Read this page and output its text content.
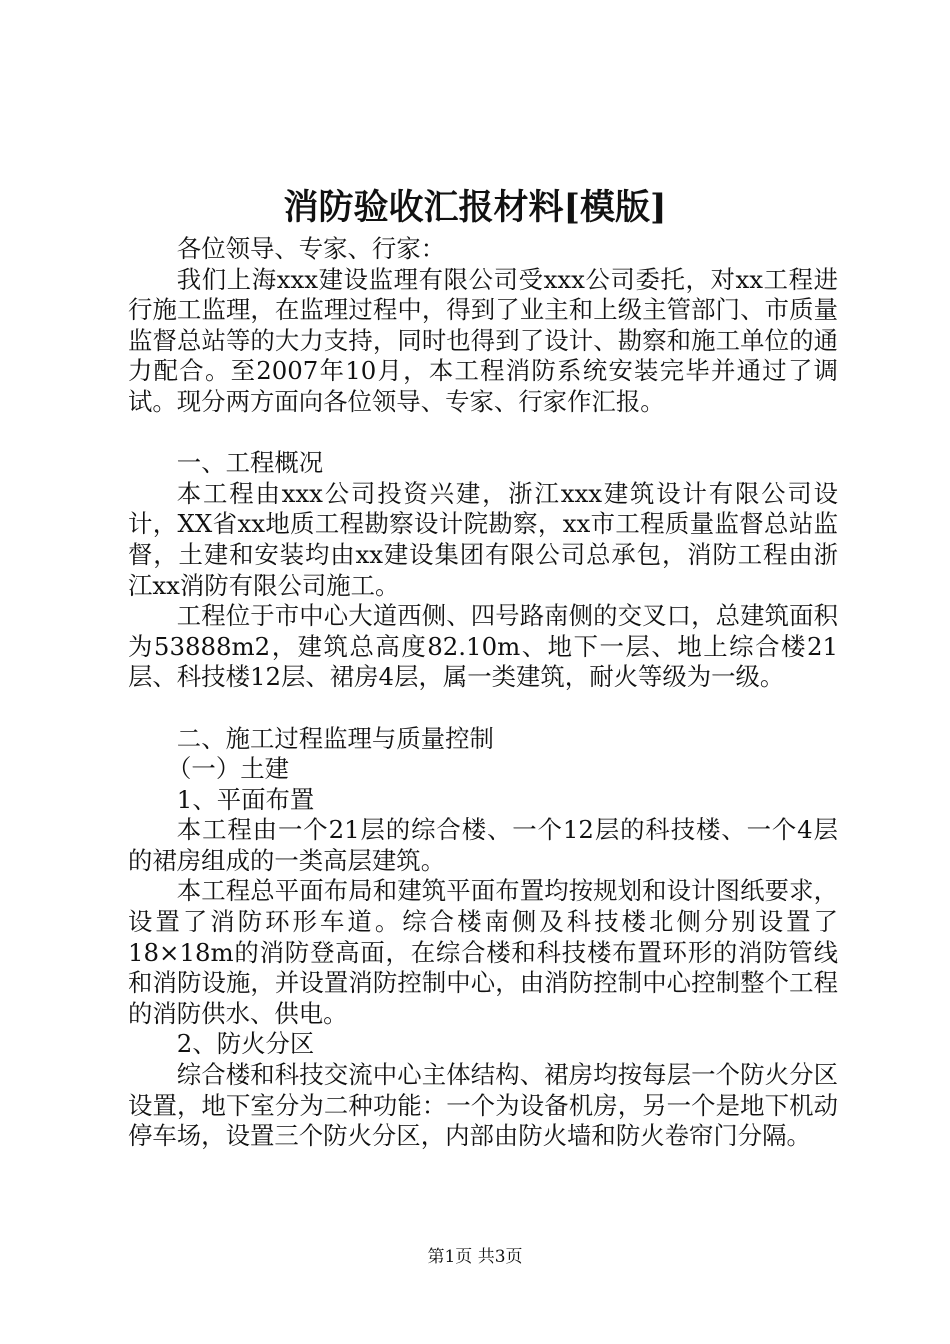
消防验收汇报材料[模版]

各位领导、专家、行家：

我们上海xxx建设监理有限公司受xxx公司委托，对xx工程进行施工监理，在监理过程中，得到了业主和上级主管部门、市质量监督总站等的大力支持，同时也得到了设计、勘察和施工单位的通力配合。至2007年10月，本工程消防系统安装完毕并通过了调试。现分两方面向各位领导、专家、行家作汇报。

一、工程概况

本工程由xxx公司投资兴建，浙江xxx建筑设计有限公司设计，XX省xx地质工程勘察设计院勘察，xx市工程质量监督总站监督，土建和安装均由xx建设集团有限公司总承包，消防工程由浙江xx消防有限公司施工。

工程位于市中心大道西侧、四号路南侧的交叉口，总建筑面积为53888m2，建筑总高度82.10m、地下一层、地上综合楼21层、科技楼12层、裙房4层，属一类建筑，耐火等级为一级。

二、施工过程监理与质量控制

（一）土建

1、平面布置

本工程由一个21层的综合楼、一个12层的科技楼、一个4层的裙房组成的一类高层建筑。

本工程总平面布局和建筑平面布置均按规划和设计图纸要求，设置了消防环形车道。综合楼南侧及科技楼北侧分别设置了18×18m的消防登高面，在综合楼和科技楼布置环形的消防管线和消防设施，并设置消防控制中心，由消防控制中心控制整个工程的消防供水、供电。

2、防火分区

综合楼和科技交流中心主体结构、裙房均按每层一个防火分区设置，地下室分为二种功能：一个为设备机房，另一个是地下机动停车场，设置三个防火分区，内部由防火墙和防火卷帘门分隔。

第1页 共3页
